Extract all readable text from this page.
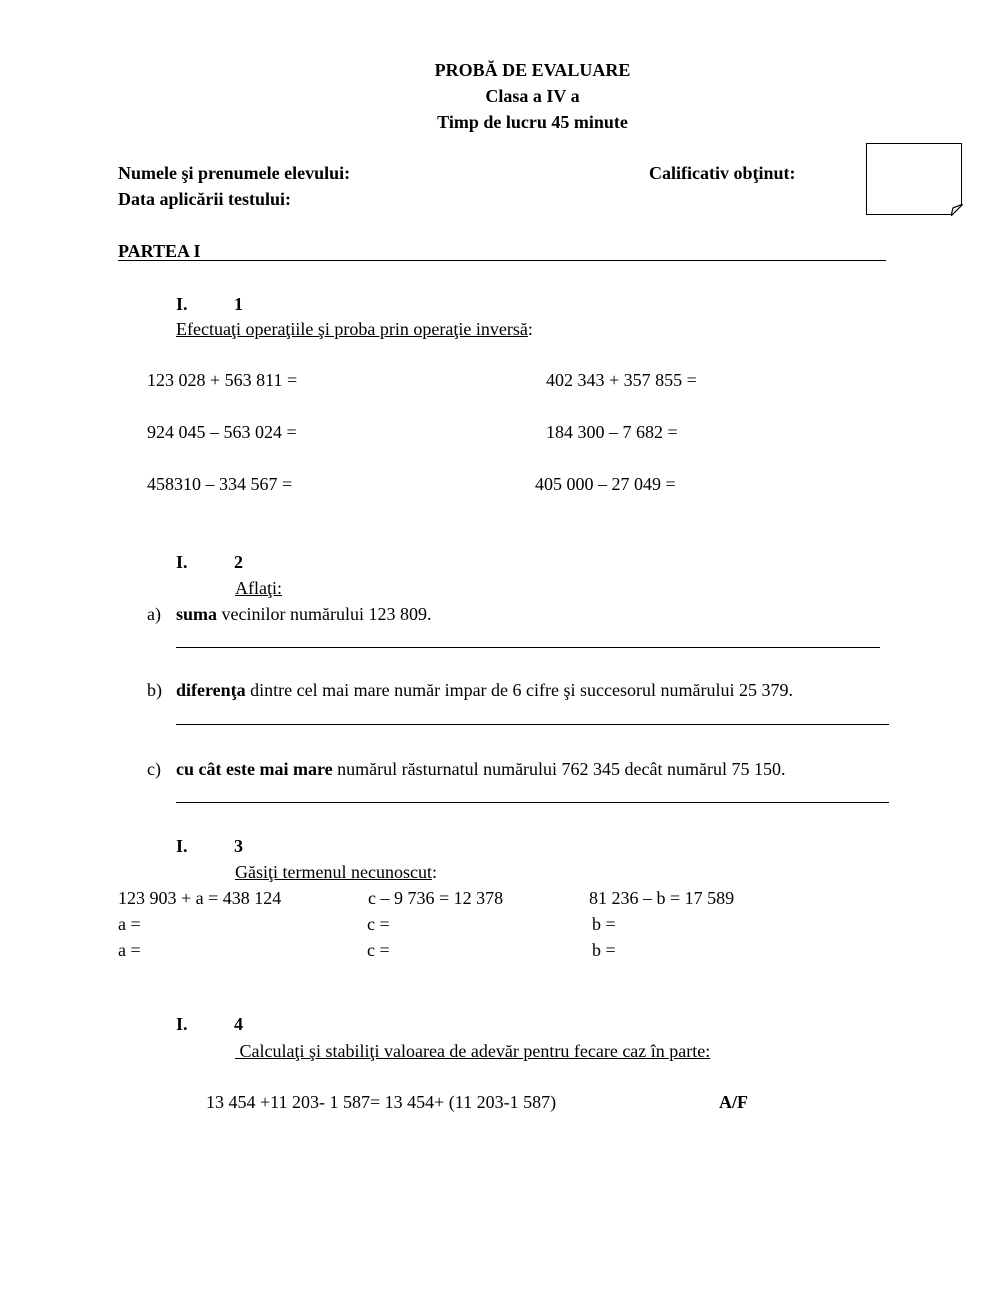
PROBĂ DE EVALUARE
Clasa a IV a
Timp de lucru 45 minute
Numele şi prenumele elevului:
Data aplicării testului:
Calificativ obţinut:
PARTEA I
I.	1
Efectuaţi operaţiile şi proba prin operaţie inversă:
123 028 + 563 811 =	402 343 + 357 855 =
924 045 – 563 024 =	184 300 – 7 682 =
458310 – 334 567 =	405 000 – 27 049 =
I.	2
Aflaţi:
a) suma vecinilor numărului 123 809.
b) diferenţa dintre cel mai mare număr impar de 6 cifre şi succesorul numărului 25 379.
c) cu cât este mai mare numărul răsturnatul numărului 762 345 decât numărul 75 150.
I.	3
Găsiţi termenul necunoscut:
123 903 + a = 438 124	c – 9 736 = 12 378	81 236 – b = 17 589
a =	c =	b =
a =	c =	b =
I.	4
Calculaţi şi stabiliţi valoarea de adevăr pentru fecare caz în parte:
13 454 +11 203- 1 587= 13 454+ (11 203-1 587)	A/F
